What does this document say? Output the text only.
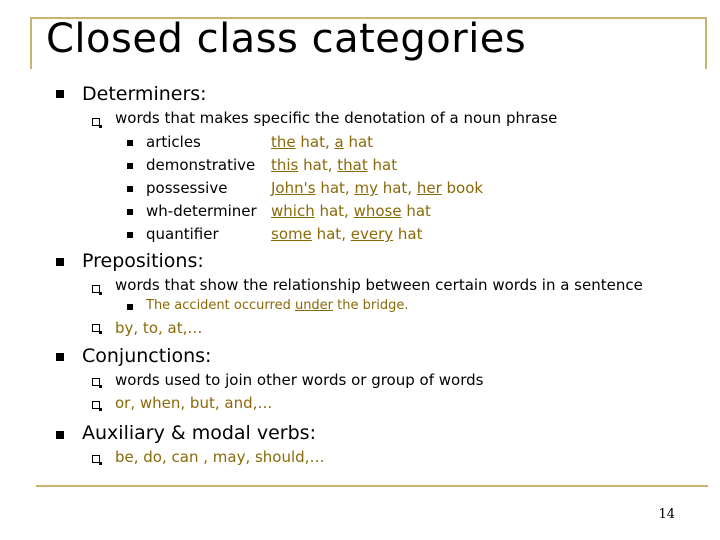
Closed class categories
Determiners:
words that makes specific the denotation of a noun phrase
articles	the hat, a hat
demonstrative this hat, that hat
possessive	John's hat, my hat, her book
wh-determiner which hat, whose hat
quantifier	some hat, every hat
Prepositions:
words that show the relationship between certain words in a sentence
The accident occurred under the bridge.
by, to, at,…
Conjunctions:
words used to join other words or group of words
or, when, but, and,…
Auxiliary & modal verbs:
be, do, can , may, should,…
14
